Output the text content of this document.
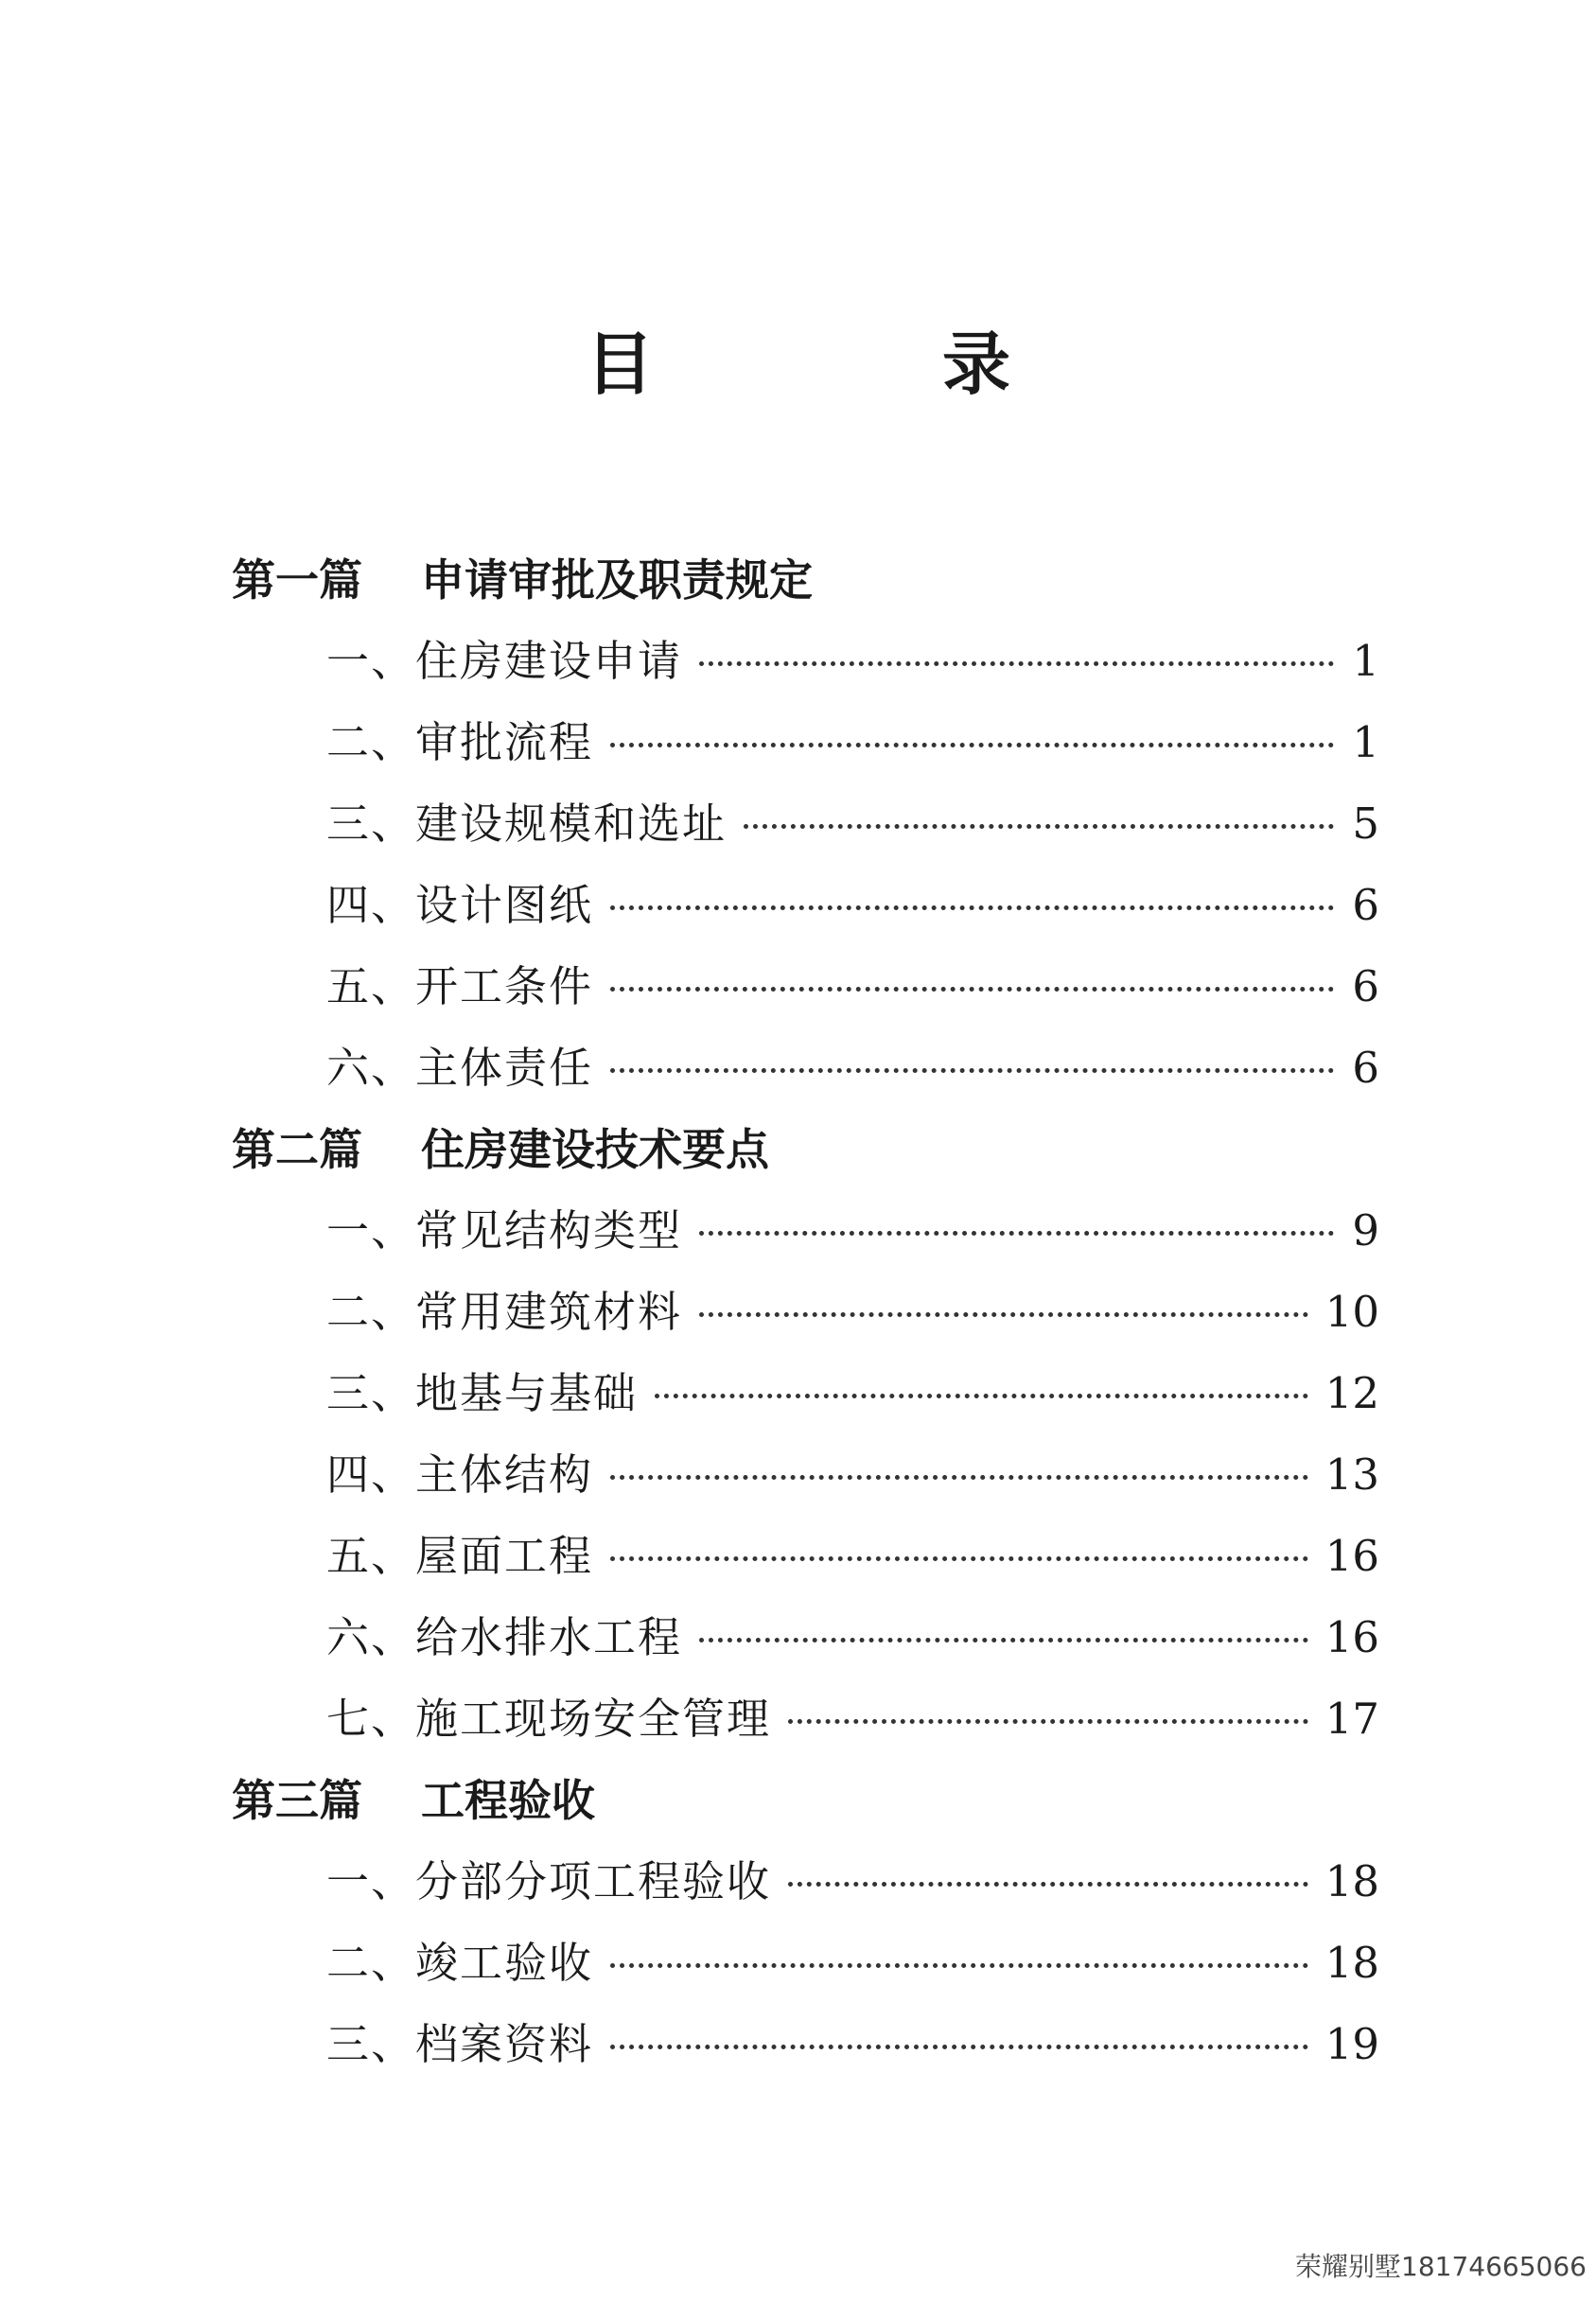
目 录
第一篇 申请审批及职责规定
一、住房建设申请	1
二、审批流程	1
三、建设规模和选址	5
四、设计图纸	6
五、开工条件	6
六、主体责任	6
第二篇 住房建设技术要点
一、常见结构类型	9
二、常用建筑材料	10
三、地基与基础	12
四、主体结构	13
五、屋面工程	16
六、给水排水工程	16
七、施工现场安全管理	17
第三篇 工程验收
一、分部分项工程验收	18
二、竣工验收	18
三、档案资料	19
荣耀别墅18174665066
